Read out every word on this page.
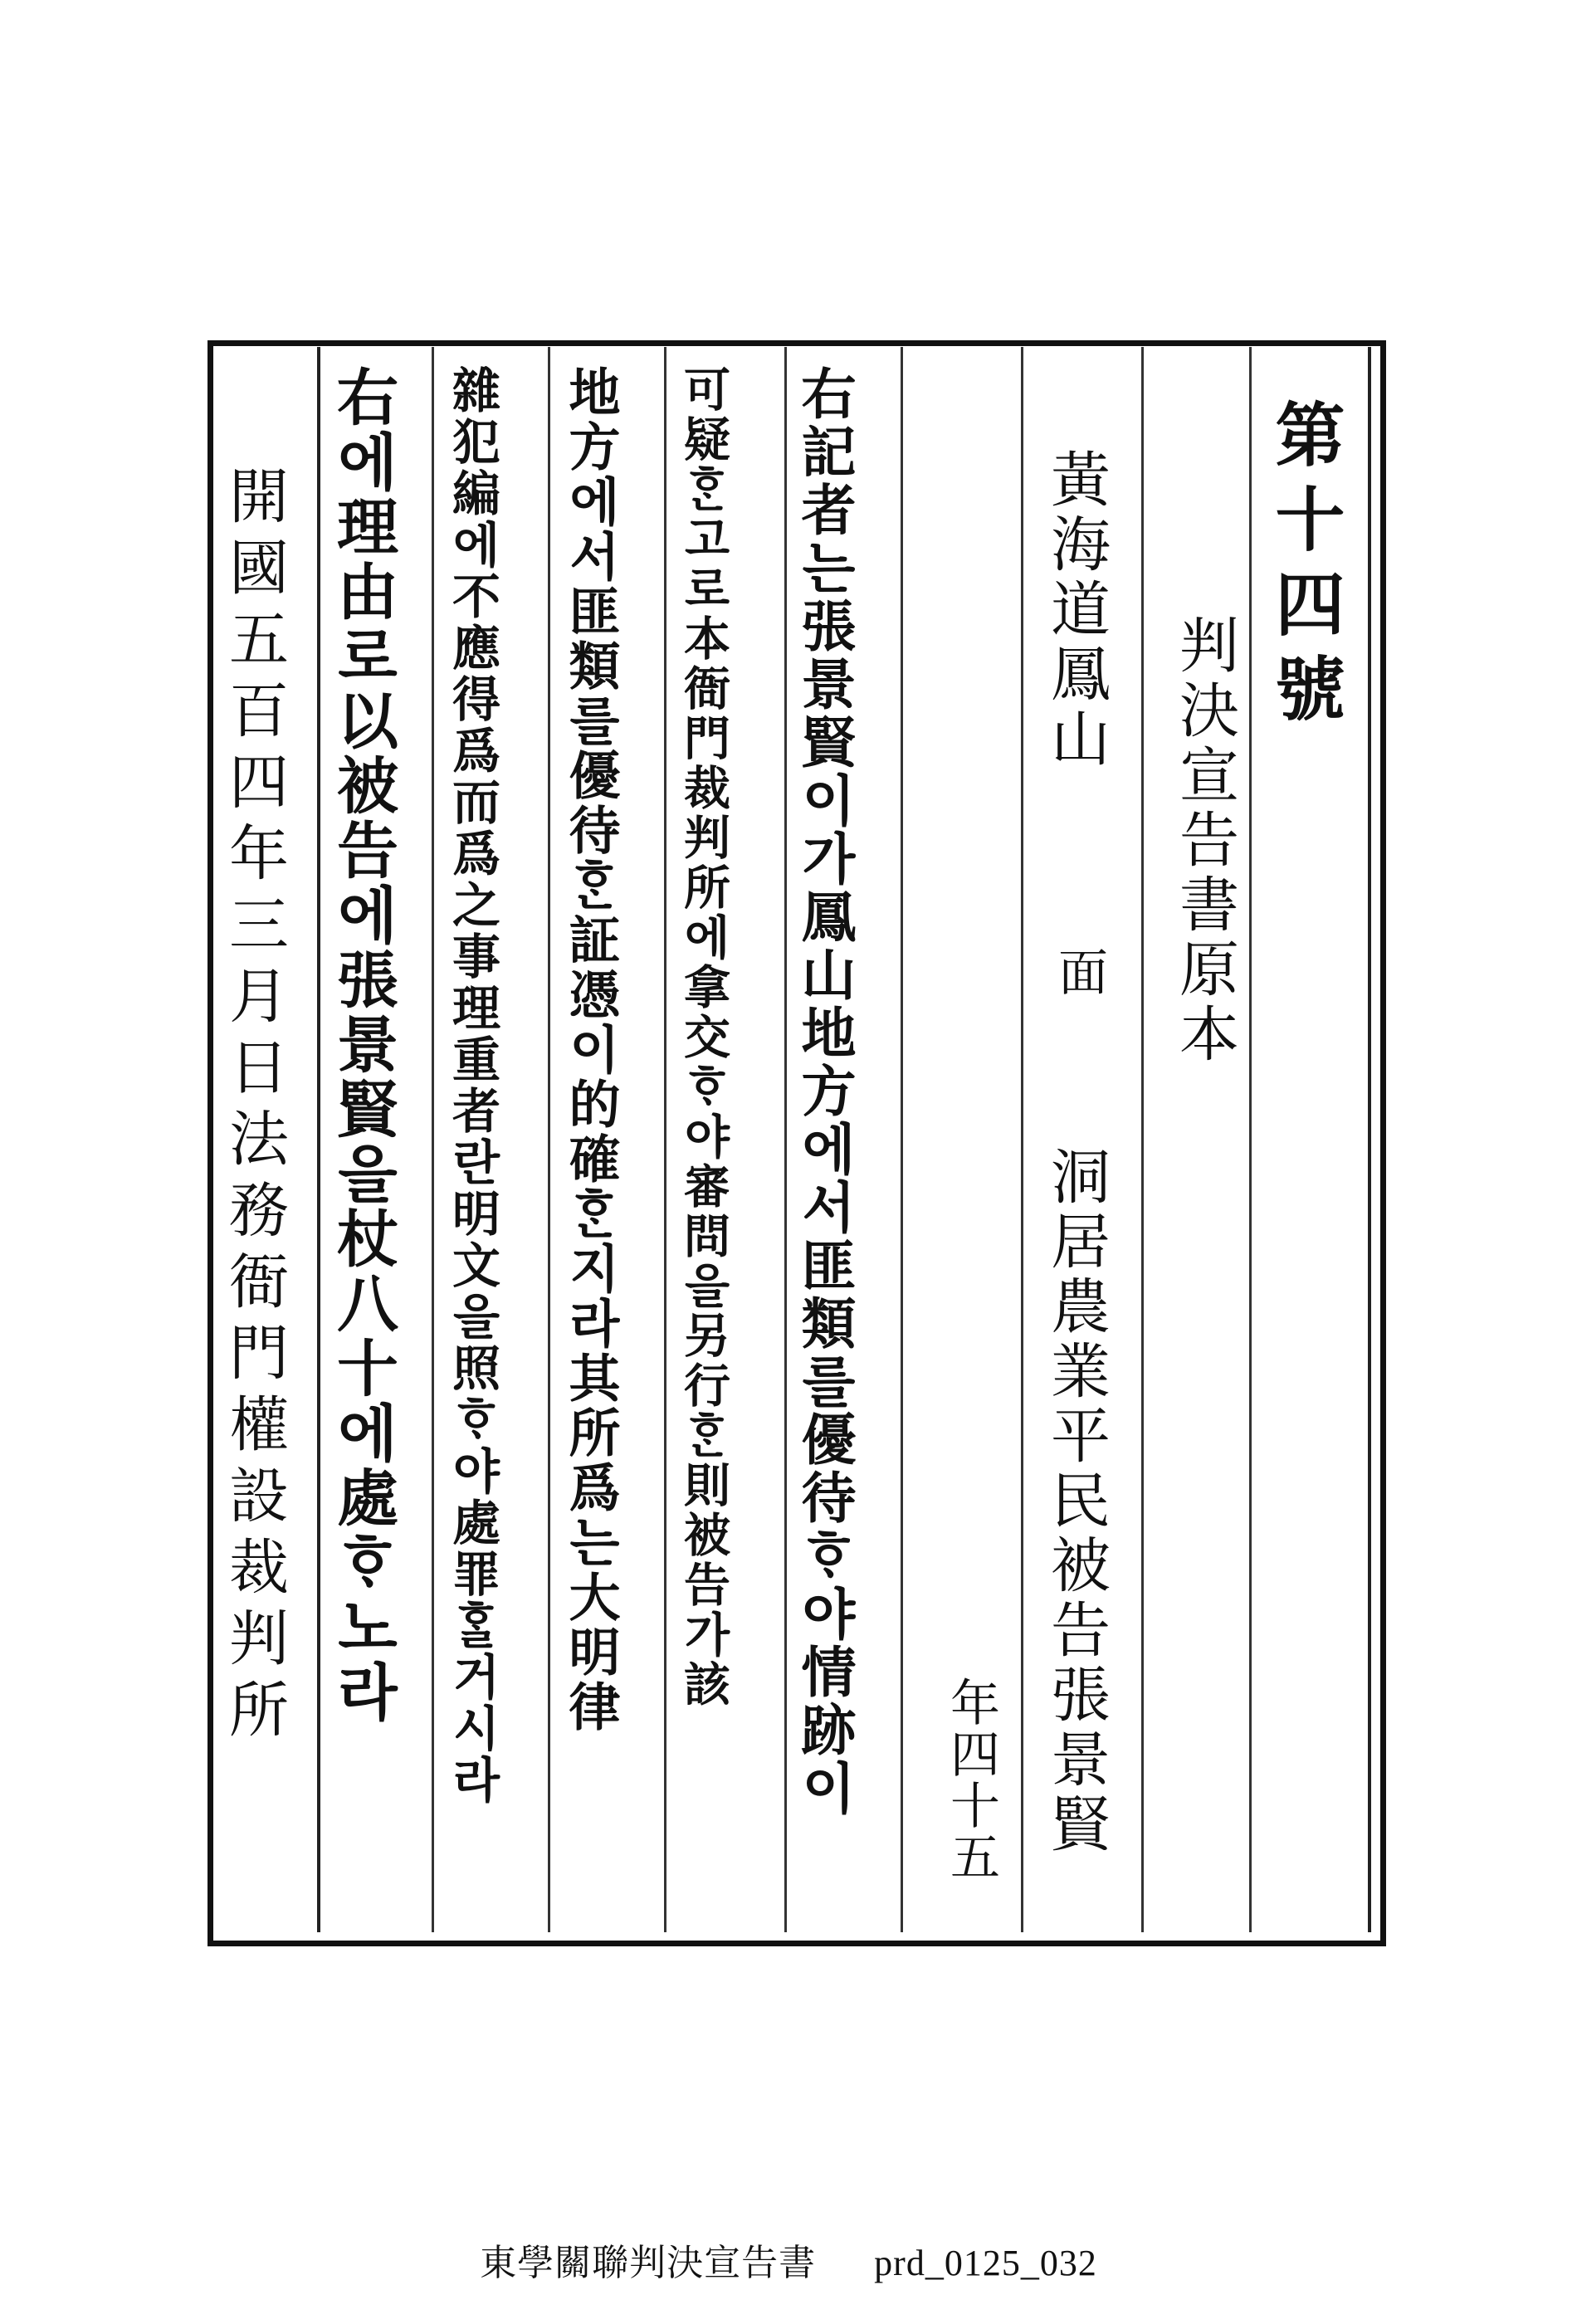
第十四號
判決宣告書原本
黃海道鳳山
面
洞居農業平民被告張景賢
年四十五
右記者는張景賢이가鳳山地方에서匪類를優待ᄒᆞ야情跡이
可疑ᄒᆞᆫ고로本衙門裁判所에拿交ᄒᆞ야審問을另行ᄒᆞᆫ則被告가該
地方에서匪類를優待ᄒᆞᆫ証憑이的確ᄒᆞᆫ지라其所爲는大明律
雜犯編에不應得爲而爲之事理重者란明文을照ᄒᆞ야處罪ᄒᆞᆯ거시라
右에理由로以被告에張景賢을杖八十에處ᄒᆞ노라
開國五百四年三月日法務衙門權設裁判所
東學關聯判決宣告書 prd_0125_032
